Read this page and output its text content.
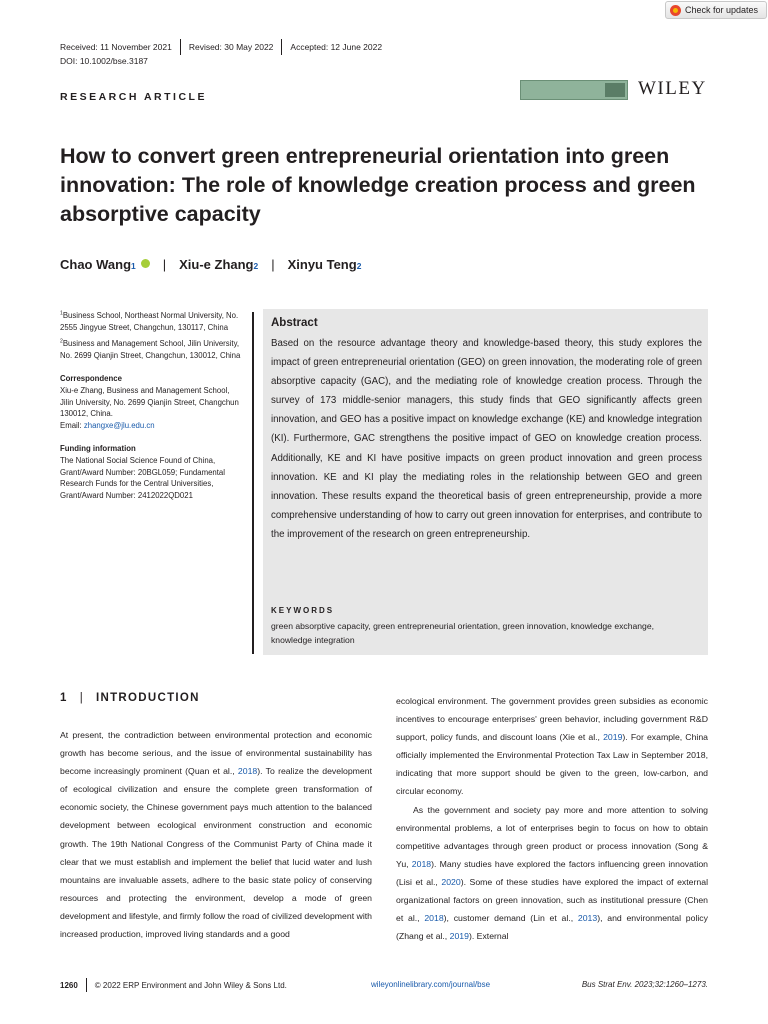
Check for updates
Received: 11 November 2021 Revised: 30 May 2022 Accepted: 12 June 2022
DOI: 10.1002/bse.3187
RESEARCH ARTICLE	WILEY
How to convert green entrepreneurial orientation into green innovation: The role of knowledge creation process and green absorptive capacity
Chao Wang 1 | Xiu-e Zhang 2 | Xinyu Teng 2

$^1$Business School, Northeast Normal University, No. 2555 Jingyue Street, Changchun, 130117, China

$^2$Business and Management School, Jilin University, No. 2699 Qianjin Street, Changchun, 130012, China

Correspondence

Xiu-e Zhang, Business and Management School, Jilin University, No. 2699 Qianjin Street, Changchun 130012, China.
Email: zhangxe@jlu.edu.cn

Funding information

The National Social Science Found of China, Grant/Award Number: 20BGL059; Fundamental Research Funds for the Central Universities, Grant/Award Number: 2412022QD021

Abstract
Based on the resource advantage theory and knowledge-based theory, this study explores the impact of green entrepreneurial orientation (GEO) on green innovation, the moderating role of green absorptive capacity (GAC), and the mediating role of knowledge creation process. Through the survey of 173 middle-senior managers, this study finds that GEO significantly affects green innovation, and GEO has a positive impact on knowledge exchange (KE) and knowledge integration (KI). Furthermore, GAC strengthens the positive impact of GEO on knowledge creation process. Additionally, KE and KI have positive impacts on green product innovation and green process innovation. KE and KI play the mediating roles in the relationship between GEO and green innovation. These results expand the theoretical basis of green entrepreneurship, provide a more comprehensive understanding of how to carry out green innovation for enterprises, and contribute to the improvement of the research on green entrepreneurship.
KEYWORDS
green absorptive capacity, green entrepreneurial orientation, green innovation, knowledge exchange, knowledge integration
1 | INTRODUCTION
At present, the contradiction between environmental protection and economic growth has become serious, and the issue of environmental sustainability has become increasingly prominent (Quan et al., 2018). To realize the development of ecological civilization and ensure the complete green transformation of economic society, the Chinese government pays much attention to the balanced development between ecological environment construction and economic growth. The 19th National Congress of the Communist Party of China made it clear that we must establish and implement the belief that lucid water and lush mountains are invaluable assets, adhere to the basic state policy of conserving resources and protecting the environment, develop a mode of green development and lifestyle, and firmly follow the road of civilized development with increased production, improved living standards and a good

ecological environment. The government provides green subsidies as economic incentives to encourage enterprises' green behavior, including government R&D support, policy funds, and discount loans (Xie et al., 2019). For example, China officially implemented the Environmental Protection Tax Law in September 2018, indicating that more support should be given to the green, low-carbon, and circular economy.

As the government and society pay more and more attention to solving environmental problems, a lot of enterprises begin to focus on how to obtain competitive advantages through green product or process innovation (Song & Yu, 2018). Many studies have explored the factors influencing green innovation (Lisi et al., 2020). Some of these studies have explored the impact of external organizational factors on green innovation, such as institutional pressure (Chen et al., 2018), customer demand (Lin et al., 2013), and environmental policy (Zhang et al., 2019). External

1260 © 2022 ERP Environment and John Wiley & Sons Ltd.	wileyonlinelibrary.com/journal/bse	Bus Strat Env. 2023;32:1260–1273.
